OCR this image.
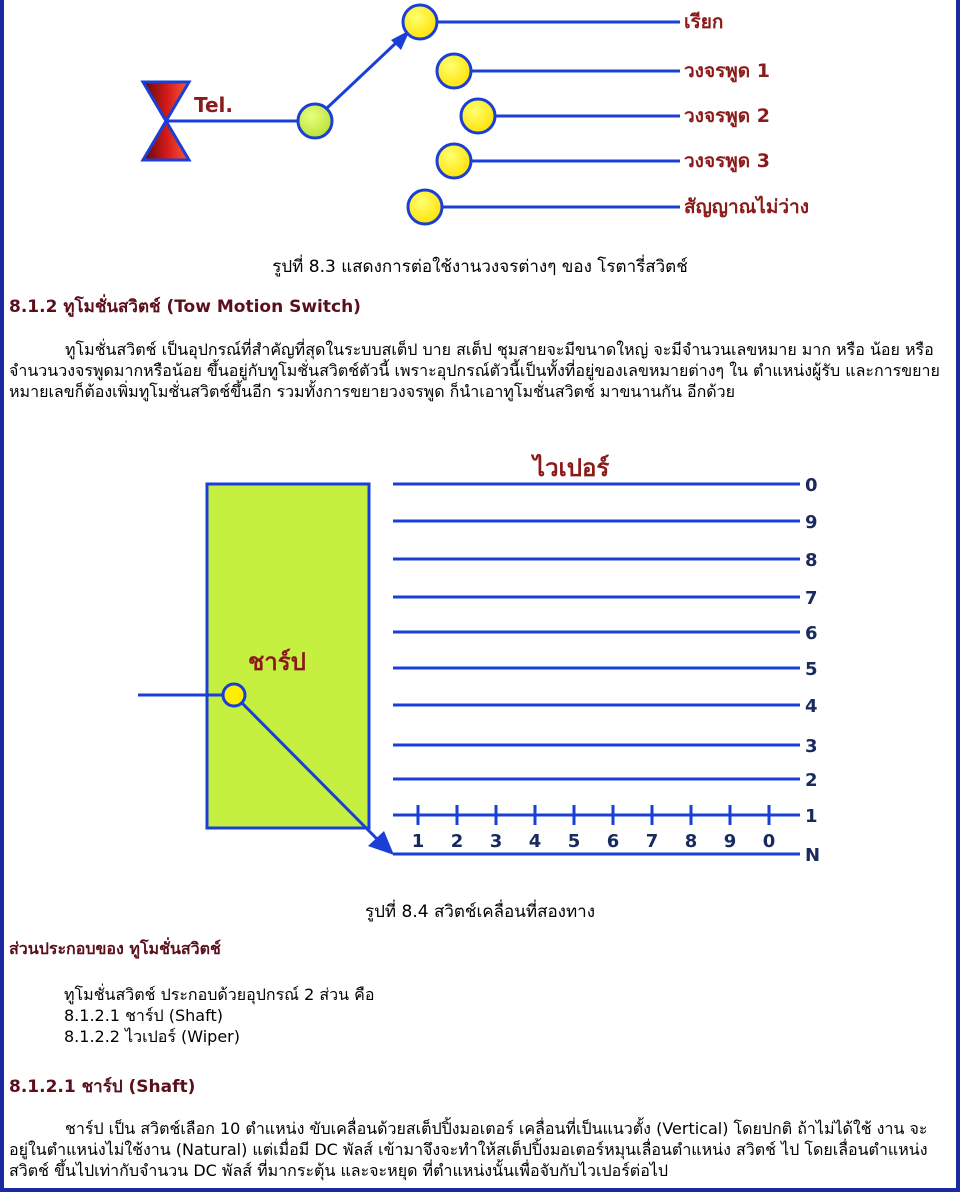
Tel.
เรียก
วงจรพูด 1
วงจรพูด 2
วงจรพูด 3
สัญญาณไม่ว่าง
รูปที่ 8.3 แสดงการต่อใช้งานวงจรต่างๆ ของ โรตารี่สวิตช์
8.1.2 ทูโมชั่นสวิตช์ (Tow Motion Switch)
ทูโมชั่นสวิตช์ เป็นอุปกรณ์ที่สำคัญที่สุดในระบบสเต็ป บาย สเต็ป ชุมสายจะมีขนาดใหญ่ จะมีจำนวนเลขหมาย มาก หรือ น้อย หรือจำนวนวงจรพูดมากหรือน้อย ขึ้นอยู่กับทูโมชั่นสวิตช์ตัวนี้ เพราะอุปกรณ์ตัวนี้เป็นทั้งที่อยู่ของเลขหมายต่างๆ ใน ตำแหน่งผู้รับ และการขยายหมายเลขก็ต้องเพิ่มทูโมชั่นสวิตช์ขึ้นอีก รวมทั้งการขยายวงจรพูด ก็นำเอาทูโมชั่นสวิตช์ มาขนานกัน อีกด้วย
ไวเปอร์
ชาร์ป
0
9
8
7
6
5
4
3
2
1
N
1 2 3 4 5 6 7 8 9 0
รูปที่ 8.4 สวิตช์เคลื่อนที่สองทาง
ส่วนประกอบของ ทูโมชั่นสวิตช์
ทูโมชั่นสวิตช์ ประกอบด้วยอุปกรณ์ 2 ส่วน คือ
8.1.2.1 ชาร์ป (Shaft)
8.1.2.2 ไวเปอร์ (Wiper)
8.1.2.1 ชาร์ป (Shaft)
ชาร์ป เป็น สวิตช์เลือก 10 ตำแหน่ง ขับเคลื่อนด้วยสเต็ปปิ้งมอเตอร์ เคลื่อนที่เป็นแนวตั้ง (Vertical) โดยปกติ ถ้าไม่ได้ใช้ งาน จะอยู่ในตำแหน่งไม่ใช้งาน (Natural) แต่เมื่อมี DC พัลส์ เข้ามาจึงจะทำให้สเต็ปปิ้งมอเตอร์หมุนเลื่อนตำแหน่ง สวิตช์ ไป โดยเลื่อนตำแหน่ง สวิตช์ ขึ้นไปเท่ากับจำนวน DC พัลส์ ที่มากระตุ้น และจะหยุด ที่ตำแหน่งนั้นเพื่อจับกับไวเปอร์ต่อไป
